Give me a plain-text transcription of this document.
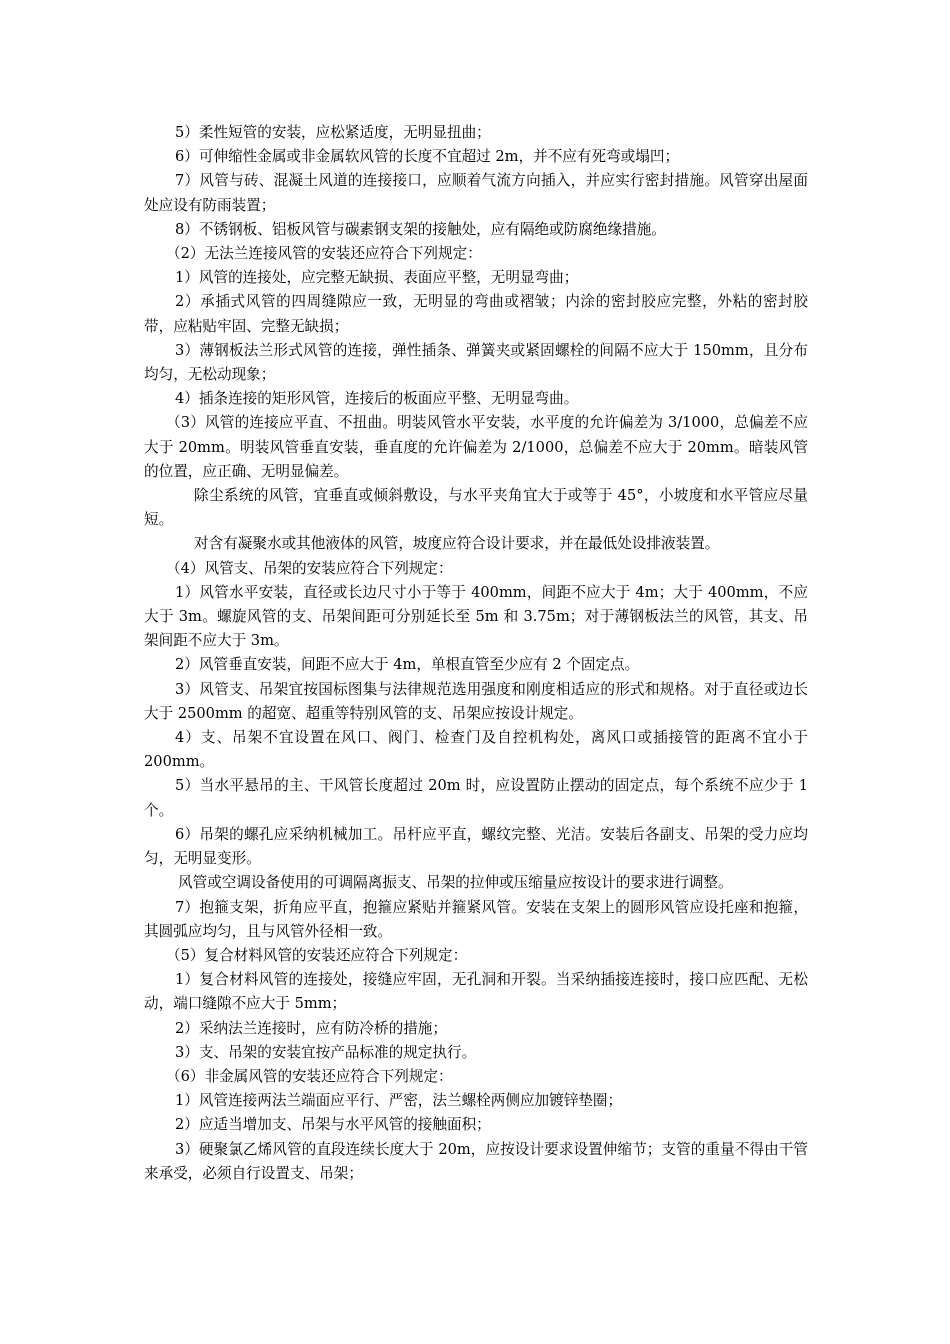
5）柔性短管的安装，应松紧适度，无明显扭曲；

6）可伸缩性金属或非金属软风管的长度不宜超过 2m，并不应有死弯或塌凹；

7）风管与砖、混凝土风道的连接接口，应顺着气流方向插入，并应实行密封措施。风管穿出屋面处应设有防雨装置；

8）不锈钢板、铝板风管与碳素钢支架的接触处，应有隔绝或防腐绝缘措施。

（2）无法兰连接风管的安装还应符合下列规定：

1）风管的连接处，应完整无缺损、表面应平整，无明显弯曲；

2）承插式风管的四周缝隙应一致，无明显的弯曲或褶皱；内涂的密封胶应完整，外粘的密封胶带，应粘贴牢固、完整无缺损；

3）薄钢板法兰形式风管的连接，弹性插条、弹簧夹或紧固螺栓的间隔不应大于 150mm，且分布均匀，无松动现象；

4）插条连接的矩形风管，连接后的板面应平整、无明显弯曲。

（3）风管的连接应平直、不扭曲。明装风管水平安装，水平度的允许偏差为 3/1000，总偏差不应大于 20mm。明装风管垂直安装，垂直度的允许偏差为 2/1000，总偏差不应大于 20mm。暗装风管的位置，应正确、无明显偏差。

除尘系统的风管，宜垂直或倾斜敷设，与水平夹角宜大于或等于 45°，小坡度和水平管应尽量短。

对含有凝聚水或其他液体的风管，坡度应符合设计要求，并在最低处设排液装置。

（4）风管支、吊架的安装应符合下列规定：

1）风管水平安装，直径或长边尺寸小于等于 400mm，间距不应大于 4m；大于 400mm，不应大于 3m。螺旋风管的支、吊架间距可分别延长至 5m 和 3.75m；对于薄钢板法兰的风管，其支、吊架间距不应大于 3m。

2）风管垂直安装，间距不应大于 4m，单根直管至少应有 2 个固定点。

3）风管支、吊架宜按国标图集与法律规范选用强度和刚度相适应的形式和规格。对于直径或边长大于 2500mm 的超宽、超重等特别风管的支、吊架应按设计规定。

4）支、吊架不宜设置在风口、阀门、检查门及自控机构处，离风口或插接管的距离不宜小于 200mm。

5）当水平悬吊的主、干风管长度超过 20m 时，应设置防止摆动的固定点，每个系统不应少于 1 个。

6）吊架的螺孔应采纳机械加工。吊杆应平直，螺纹完整、光洁。安装后各副支、吊架的受力应均匀，无明显变形。

风管或空调设备使用的可调隔离振支、吊架的拉伸或压缩量应按设计的要求进行调整。

7）抱箍支架，折角应平直，抱箍应紧贴并箍紧风管。安装在支架上的圆形风管应设托座和抱箍，其圆弧应均匀，且与风管外径相一致。

（5）复合材料风管的安装还应符合下列规定：

1）复合材料风管的连接处，接缝应牢固，无孔洞和开裂。当采纳插接连接时，接口应匹配、无松动，端口缝隙不应大于 5mm；

2）采纳法兰连接时，应有防冷桥的措施；

3）支、吊架的安装宜按产品标准的规定执行。

（6）非金属风管的安装还应符合下列规定：

1）风管连接两法兰端面应平行、严密，法兰螺栓两侧应加镀锌垫圈；

2）应适当增加支、吊架与水平风管的接触面积；

3）硬聚氯乙烯风管的直段连续长度大于 20m，应按设计要求设置伸缩节；支管的重量不得由干管来承受，必须自行设置支、吊架；
